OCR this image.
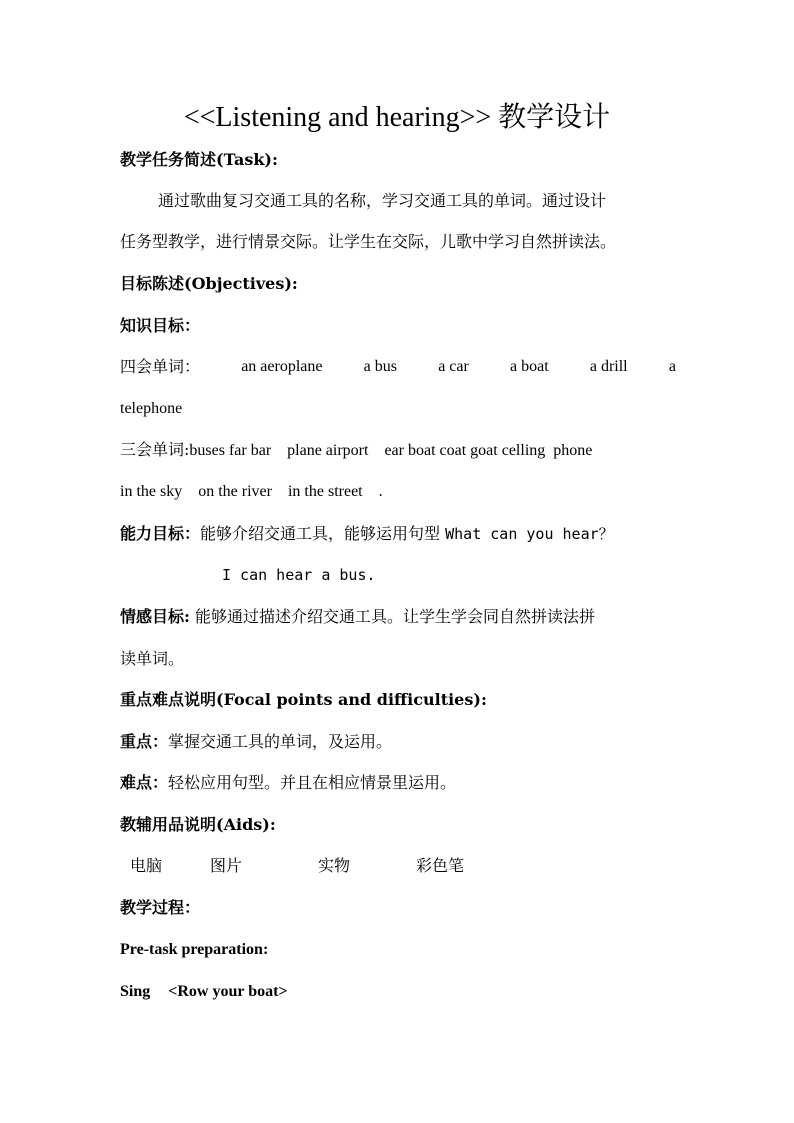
<<Listening and hearing>> 教学设计
教学任务简述(Task):
通过歌曲复习交通工具的名称，学习交通工具的单词。通过设计
任务型教学，进行情景交际。让学生在交际，儿歌中学习自然拼读法。
目标陈述(Objectives):
知识目标：
四会单词：	an aeroplane	a bus	a car	a boat	a drill	a
telephone
三会单词:buses far bar    plane airport    ear boat coat goat celling  phone
in the sky    on the river    in the street    .
能力目标：能够介绍交通工具，能够运用句型 What can you hear？
I can hear a bus.
情感目标: 能够通过描述介绍交通工具。让学生学会同自然拼读法拼
读单词。
重点难点说明(Focal points and difficulties):
重点：掌握交通工具的单词，及运用。
难点：轻松应用句型。并且在相应情景里运用。
教辅用品说明(Aids):
电脑	图片	实物	彩色笔
教学过程：
Pre-task preparation:
Sing <Row your boat>
